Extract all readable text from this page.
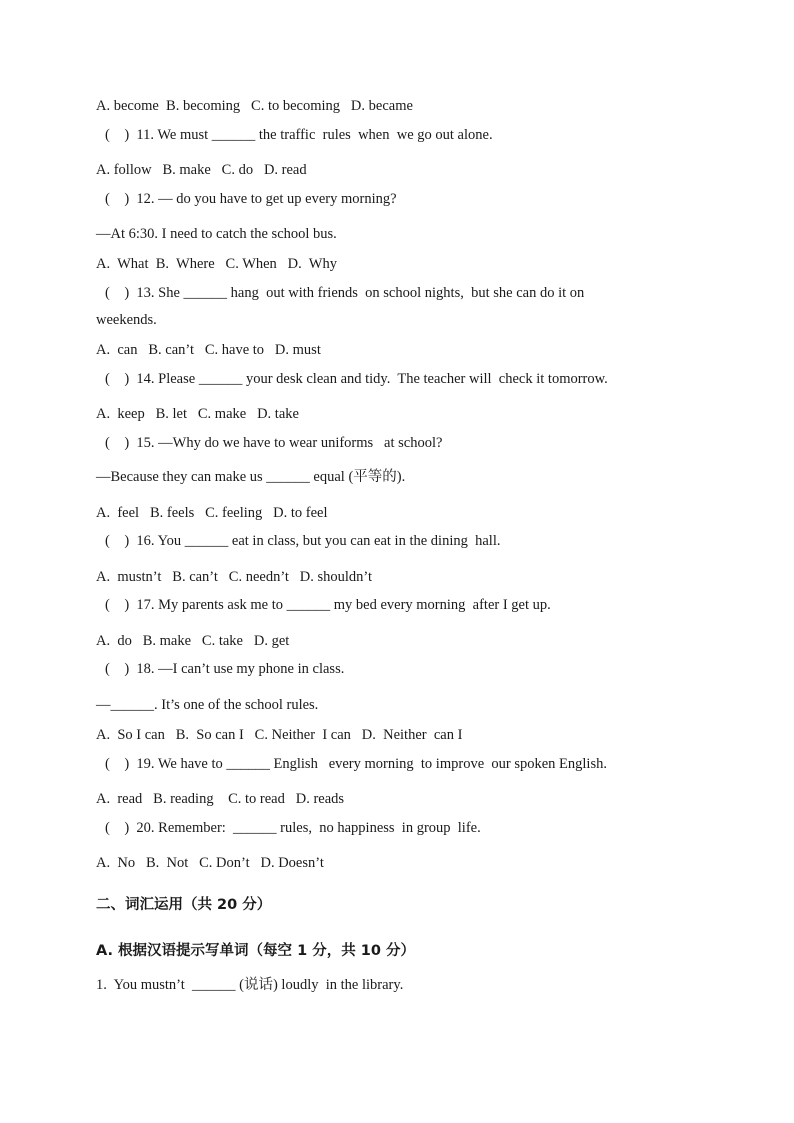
A. become  B. becoming   C. to becoming   D. became
(    )  11. We must ______ the traffic  rules  when  we go out alone.
A. follow   B. make   C. do   D. read
(    )  12. — do you have to get up every morning?
—At 6:30. I need to catch the school bus.
A.  What  B.  Where   C. When   D.  Why
(    )  13. She ______ hang  out with friends  on school nights,  but she can do it on
weekends.
A.  can   B. can’t   C. have to   D. must
(    )  14. Please ______ your desk clean and tidy.  The teacher will  check it tomorrow.
A.  keep   B. let   C. make   D. take
(    )  15. —Why do we have to wear uniforms   at school?
—Because they can make us ______ equal (平等的).
A.  feel   B. feels   C. feeling   D. to feel
(    )  16. You ______ eat in class, but you can eat in the dining  hall.
A.  mustn’t   B. can’t   C. needn’t   D. shouldn’t
(    )  17. My parents ask me to ______ my bed every morning  after I get up.
A.  do   B. make   C. take   D. get
(    )  18. —I can’t use my phone in class.
—______. It’s one of the school rules.
A.  So I can   B.  So can I   C. Neither  I can   D.  Neither  can I
(    )  19. We have to ______ English   every morning  to improve  our spoken English.
A.  read   B. reading    C. to read   D. reads
(    )  20. Remember:  ______ rules,  no happiness  in group  life.
A.  No   B.  Not   C. Don’t   D. Doesn’t
二、词汇运用（共 20 分）
A. 根据汉语提示写单词（每空 1 分，共 10 分）
1.  You mustn’t  ______ (说话) loudly  in the library.
